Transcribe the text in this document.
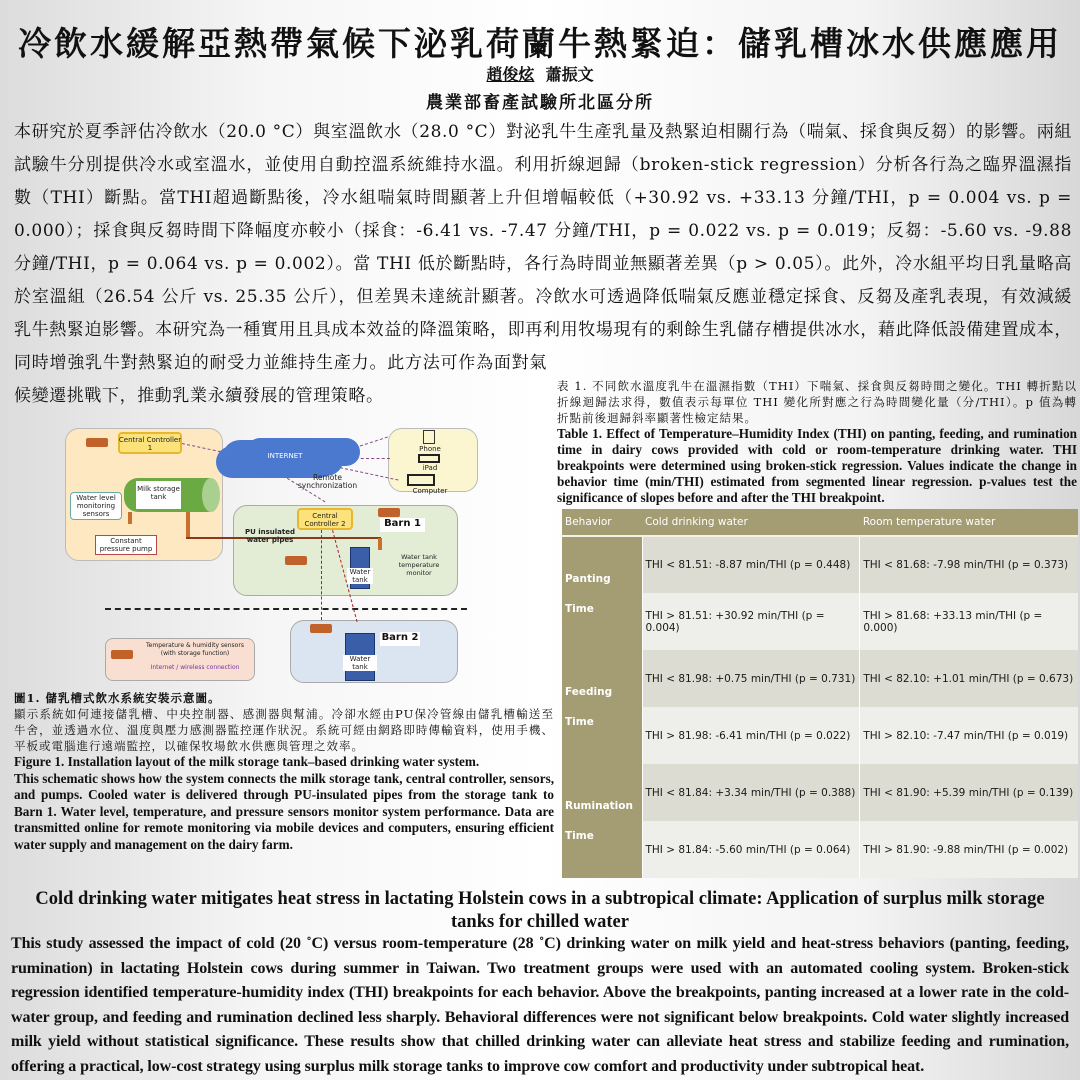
冷飲水緩解亞熱帶氣候下泌乳荷蘭牛熱緊迫：儲乳槽冰水供應應用
趙俊炫 蕭振文
農業部畜產試驗所北區分所
本研究於夏季評估冷飲水（20.0 °C）與室溫飲水（28.0 °C）對泌乳牛生產乳量及熱緊迫相關行為（喘氣、採食與反芻）的影響。兩組試驗牛分別提供冷水或室溫水，並使用自動控溫系統維持水溫。利用折線迴歸（broken-stick regression）分析各行為之臨界溫濕指數（THI）斷點。當THI超過斷點後，冷水組喘氣時間顯著上升但增幅較低（+30.92 vs. +33.13 分鐘/THI，p = 0.004 vs. p = 0.000）；採食與反芻時間下降幅度亦較小（採食：-6.41 vs. -7.47 分鐘/THI，p = 0.022 vs. p = 0.019；反芻：-5.60 vs. -9.88 分鐘/THI，p = 0.064 vs. p = 0.002）。當 THI 低於斷點時，各行為時間並無顯著差異（p > 0.05）。此外，冷水組平均日乳量略高於室溫組（26.54 公斤 vs. 25.35 公斤），但差異未達統計顯著。冷飲水可透過降低喘氣反應並穩定採食、反芻及產乳表現，有效減緩乳牛熱緊迫影響。本研究為一種實用且具成本效益的降溫策略，即再利用牧場現有的剩餘生乳儲存槽提供冰水，藉此降低設備建置成本，同時增強乳牛對熱緊迫的耐受力並維持生產力。此方法可作為面對氣候變遷挑戰下，推動乳業永續發展的管理策略。	表 1. 不同飲水溫度乳牛在溫濕指數（THI）下喘氣、採食與反芻時間之變化。THI 轉折點以折線迴歸法求得，數值表示每單位 THI 變化所對應之行為時間變化量（分/THI）。p 值為轉折點前後迴歸斜率顯著性檢定結果。
Table 1. Effect of Temperature–Humidity Index (THI) on panting, feeding, and rumination time in dairy cows provided with cold or room-temperature drinking water. THI breakpoints were determined using broken-stick regression. Values indicate the change in behavior time (min/THI) estimated from segmented linear regression. p-values test the significance of slopes before and after the THI breakpoint.
Behavior	Cold drinking water	Room temperature water
Panting Time	THI < 81.51: -8.87 min/THI (p = 0.448)	THI < 81.68: -7.98 min/THI (p = 0.373)
	THI > 81.51: +30.92 min/THI (p = 0.004)	THI > 81.68: +33.13 min/THI (p = 0.000)
Feeding Time	THI < 81.98: +0.75 min/THI (p = 0.731)	THI < 82.10: +1.01 min/THI (p = 0.673)
	THI > 81.98: -6.41 min/THI (p = 0.022)	THI > 82.10: -7.47 min/THI (p = 0.019)
Rumination Time	THI < 81.84: +3.34 min/THI (p = 0.388)	THI < 81.90: +5.39 min/THI (p = 0.139)
	THI > 81.84: -5.60 min/THI (p = 0.064)	THI > 81.90: -9.88 min/THI (p = 0.002)
INTERNET
Remote synchronization
Phone
iPad
Computer
Central Controller 1
Central Controller 2
Milk storage tank
Water level monitoring sensors
Constant pressure pump
PU insulated water pipes
Barn 1
Water tank
Water tank temperature monitor
Barn 2
Water tank
Temperature & humidity sensors (with storage function)
Internet / wireless connection
圖1. 儲乳槽式飲水系統安裝示意圖。
顯示系統如何連接儲乳槽、中央控制器、感測器與幫浦。冷卻水經由PU保冷管線由儲乳槽輸送至牛舍，並透過水位、溫度與壓力感測器監控運作狀況。系統可經由網路即時傳輸資料，使用手機、平板或電腦進行遠端監控，以確保牧場飲水供應與管理之效率。
Figure 1. Installation layout of the milk storage tank–based drinking water system.
This schematic shows how the system connects the milk storage tank, central controller, sensors, and pumps. Cooled water is delivered through PU-insulated pipes from the storage tank to Barn 1. Water level, temperature, and pressure sensors monitor system performance. Data are transmitted online for remote monitoring via mobile devices and computers, ensuring efficient water supply and management on the dairy farm.
Cold drinking water mitigates heat stress in lactating Holstein cows in a subtropical climate: Application of surplus milk storage tanks for chilled water
This study assessed the impact of cold (20 ˚C) versus room-temperature (28 ˚C) drinking water on milk yield and heat-stress behaviors (panting, feeding, rumination) in lactating Holstein cows during summer in Taiwan. Two treatment groups were used with an automated cooling system. Broken-stick regression identified temperature-humidity index (THI) breakpoints for each behavior. Above the breakpoints, panting increased at a lower rate in the cold-water group, and feeding and rumination declined less sharply. Behavioral differences were not significant below breakpoints. Cold water slightly increased milk yield without statistical significance. These results show that chilled drinking water can alleviate heat stress and stabilize feeding and rumination, offering a practical, low-cost strategy using surplus milk storage tanks to improve cow comfort and productivity under subtropical heat.
